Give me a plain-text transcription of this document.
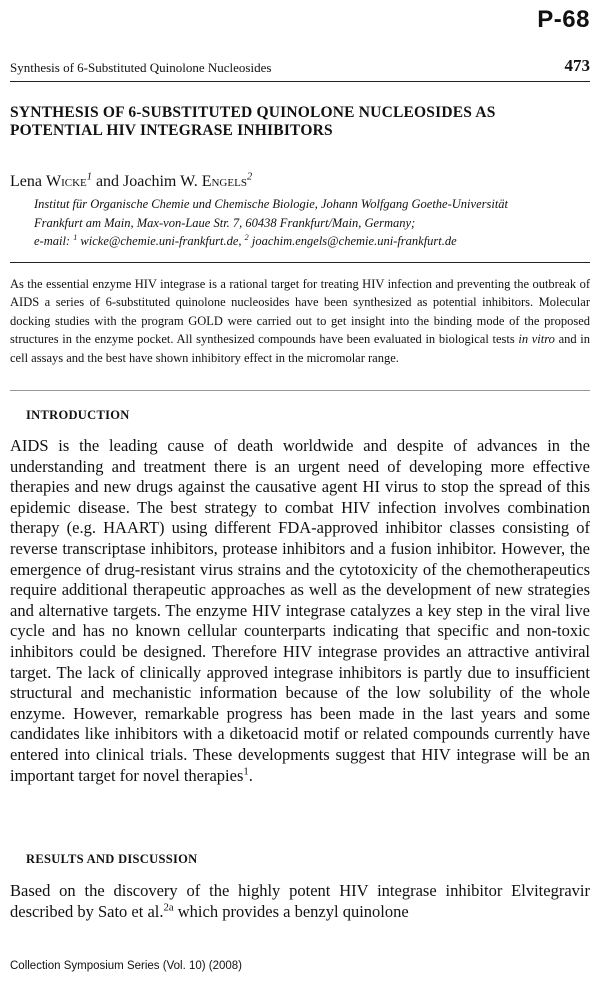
P-68
Synthesis of 6-Substituted Quinolone Nucleosides	473
SYNTHESIS OF 6-SUBSTITUTED QUINOLONE NUCLEOSIDES AS
POTENTIAL HIV INTEGRASE INHIBITORS
Lena Wicke$^1$ and Joachim W. Engels$^2$
Institut für Organische Chemie und Chemische Biologie, Johann Wolfgang Goethe-Universität
Frankfurt am Main, Max-von-Laue Str. 7, 60438 Frankfurt/Main, Germany;
e-mail: $^1$ wicke@chemie.uni-frankfurt.de, $^2$ joachim.engels@chemie.uni-frankfurt.de
As the essential enzyme HIV integrase is a rational target for treating HIV infection and preventing the outbreak of AIDS a series of 6-substituted quinolone nucleosides have been synthesized as potential inhibitors. Molecular docking studies with the program GOLD were carried out to get insight into the binding mode of the proposed structures in the enzyme pocket. All synthesized compounds have been evaluated in biological tests in vitro and in cell assays and the best have shown inhibitory effect in the micromolar range.
INTRODUCTION
AIDS is the leading cause of death worldwide and despite of advances in the understanding and treatment there is an urgent need of developing more effective therapies and new drugs against the causative agent HI virus to stop the spread of this epidemic disease. The best strategy to combat HIV infection involves combination therapy (e.g. HAART) using different FDA-approved inhibitor classes consisting of reverse transcriptase inhibitors, protease inhibitors and a fusion inhibitor. However, the emergence of drug-resistant virus strains and the cytotoxicity of the chemotherapeutics require additional therapeutic approaches as well as the development of new strategies and alternative targets. The enzyme HIV integrase catalyzes a key step in the viral live cycle and has no known cellular counterparts indicating that specific and non-toxic inhibitors could be designed. Therefore HIV integrase provides an attractive antiviral target. The lack of clinically approved integrase inhibitors is partly due to insufficient structural and mechanistic information because of the low solubility of the whole enzyme. However, remarkable progress has been made in the last years and some candidates like inhibitors with a diketoacid motif or related compounds currently have entered into clinical trials. These developments suggest that HIV integrase will be an important target for novel therapies$^1$.
RESULTS AND DISCUSSION
Based on the discovery of the highly potent HIV integrase inhibitor Elvitegravir described by Sato et al.$^{2a}$ which provides a benzyl quinolone
Collection Symposium Series (Vol. 10) (2008)
